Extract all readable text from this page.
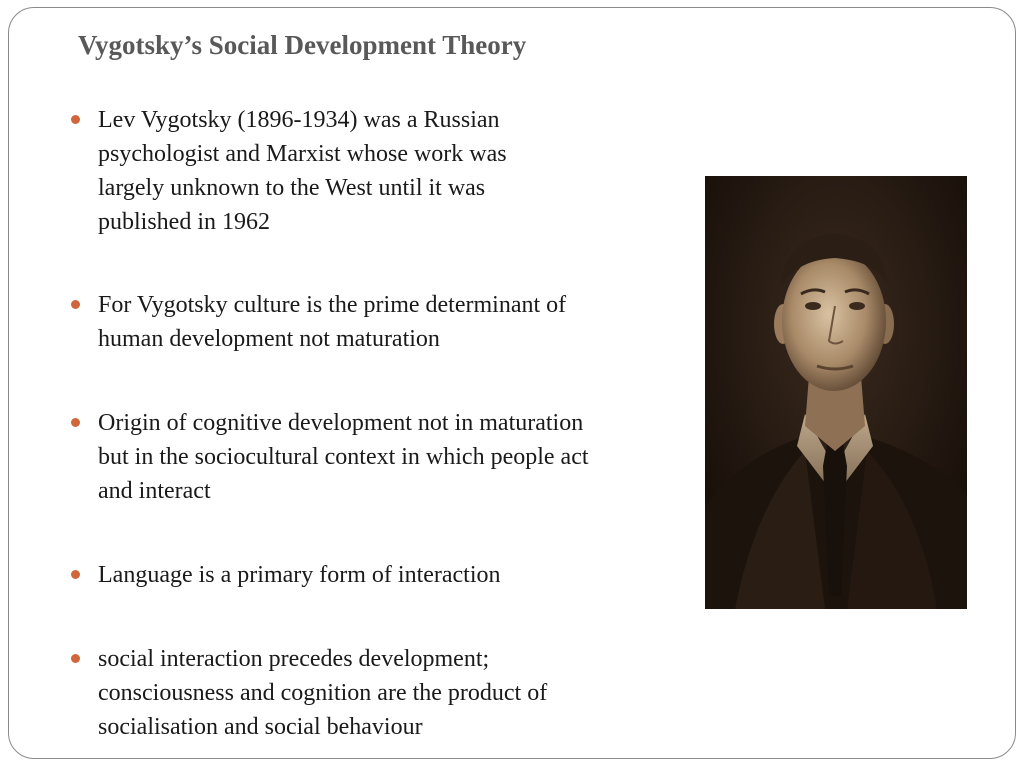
Vygotsky’s Social Development Theory
Lev Vygotsky (1896-1934) was a Russian psychologist and Marxist whose work was largely unknown to the West until it was published in 1962
For Vygotsky culture is the prime determinant of human development not maturation
Origin of cognitive development not in maturation but in the sociocultural context in which people act and interact
Language is a primary form of interaction
social interaction precedes development; consciousness and cognition are the product of socialisation and social behaviour
